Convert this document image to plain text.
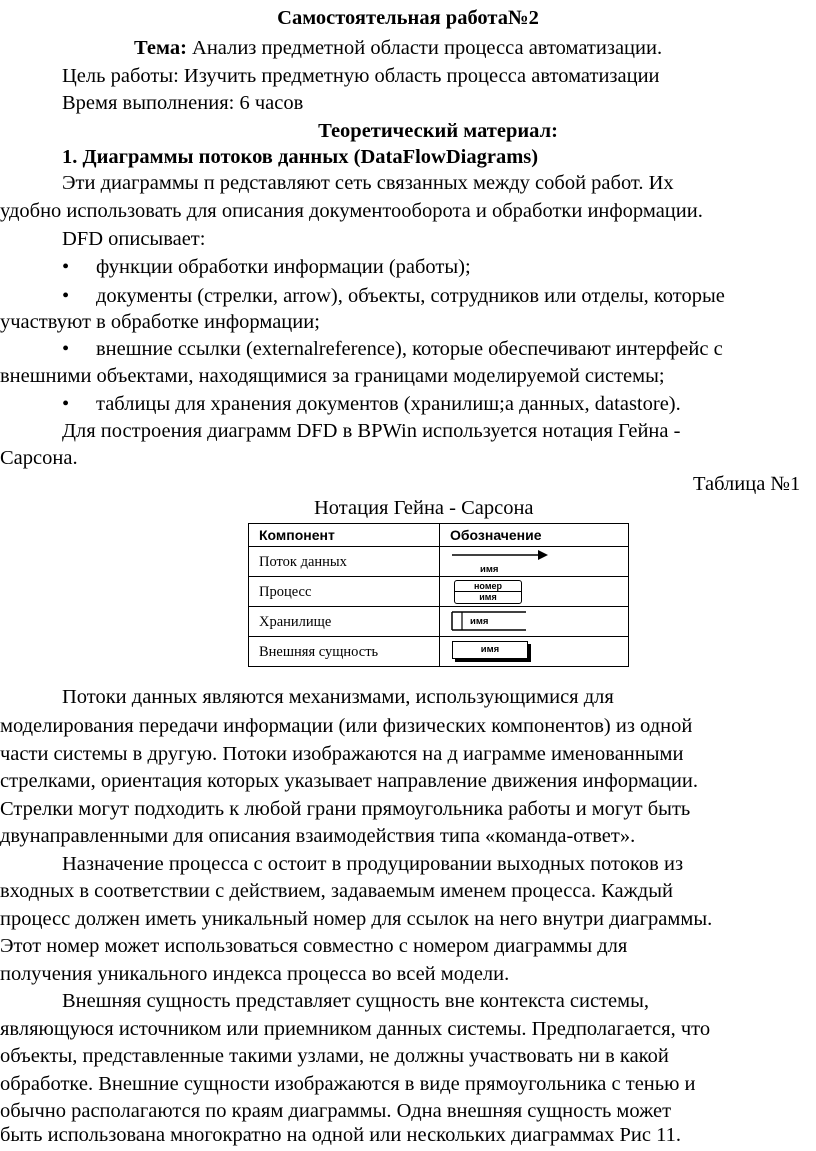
Самостоятельная работа№2
Тема: Анализ предметной области процесса автоматизации.
Цель работы: Изучить предметную область процесса автоматизации
Время выполнения: 6 часов
Теоретический материал:
1. Диаграммы потоков данных (DataFlowDiagrams)
Эти диаграммы п редставляют сеть связанных между собой работ. Их
удобно использовать для описания документооборота и обработки информации.
DFD описывает:
• функции обработки информации (работы);
• документы (стрелки, arrow), объекты, сотрудников или отделы, которые
участвуют в обработке информации;
• внешние ссылки (externalreference), которые обеспечивают интерфейс с
внешними объектами, находящимися за границами моделируемой системы;
• таблицы для хранения документов (хранилиш;а данных, datastore).
Для построения диаграмм DFD в BPWin используется нотация Гейна -
Сарсона.
Таблица №1
Нотация Гейна - Сарсона
Компонент	Обозначение
Поток данных	имя

Процесс	номер
имя

Хранилище	имя

Внешняя сущность	имя
Потоки данных являются механизмами, использующимися для
моделирования передачи информации (или физических компонентов) из одной
части системы в другую. Потоки изображаются на д иаграмме именованными
стрелками, ориентация которых указывает направление движения информации.
Стрелки могут подходить к любой грани прямоугольника работы и могут быть
двунаправленными для описания взаимодействия типа «команда-ответ».
Назначение процесса с остоит в продуцировании выходных потоков из
входных в соответствии с действием, задаваемым именем процесса. Каждый
процесс должен иметь уникальный номер для ссылок на него внутри диаграммы.
Этот номер может использоваться совместно с номером диаграммы для
получения уникального индекса процесса во всей модели.
Внешняя сущность представляет сущность вне контекста системы,
являющуюся источником или приемником данных системы. Предполагается, что
объекты, представленные такими узлами, не должны участвовать ни в какой
обработке. Внешние сущности изображаются в виде прямоугольника с тенью и
обычно располагаются по краям диаграммы. Одна внешняя сущность может
быть использована многократно на одной или нескольких диаграммах Рис 11.
